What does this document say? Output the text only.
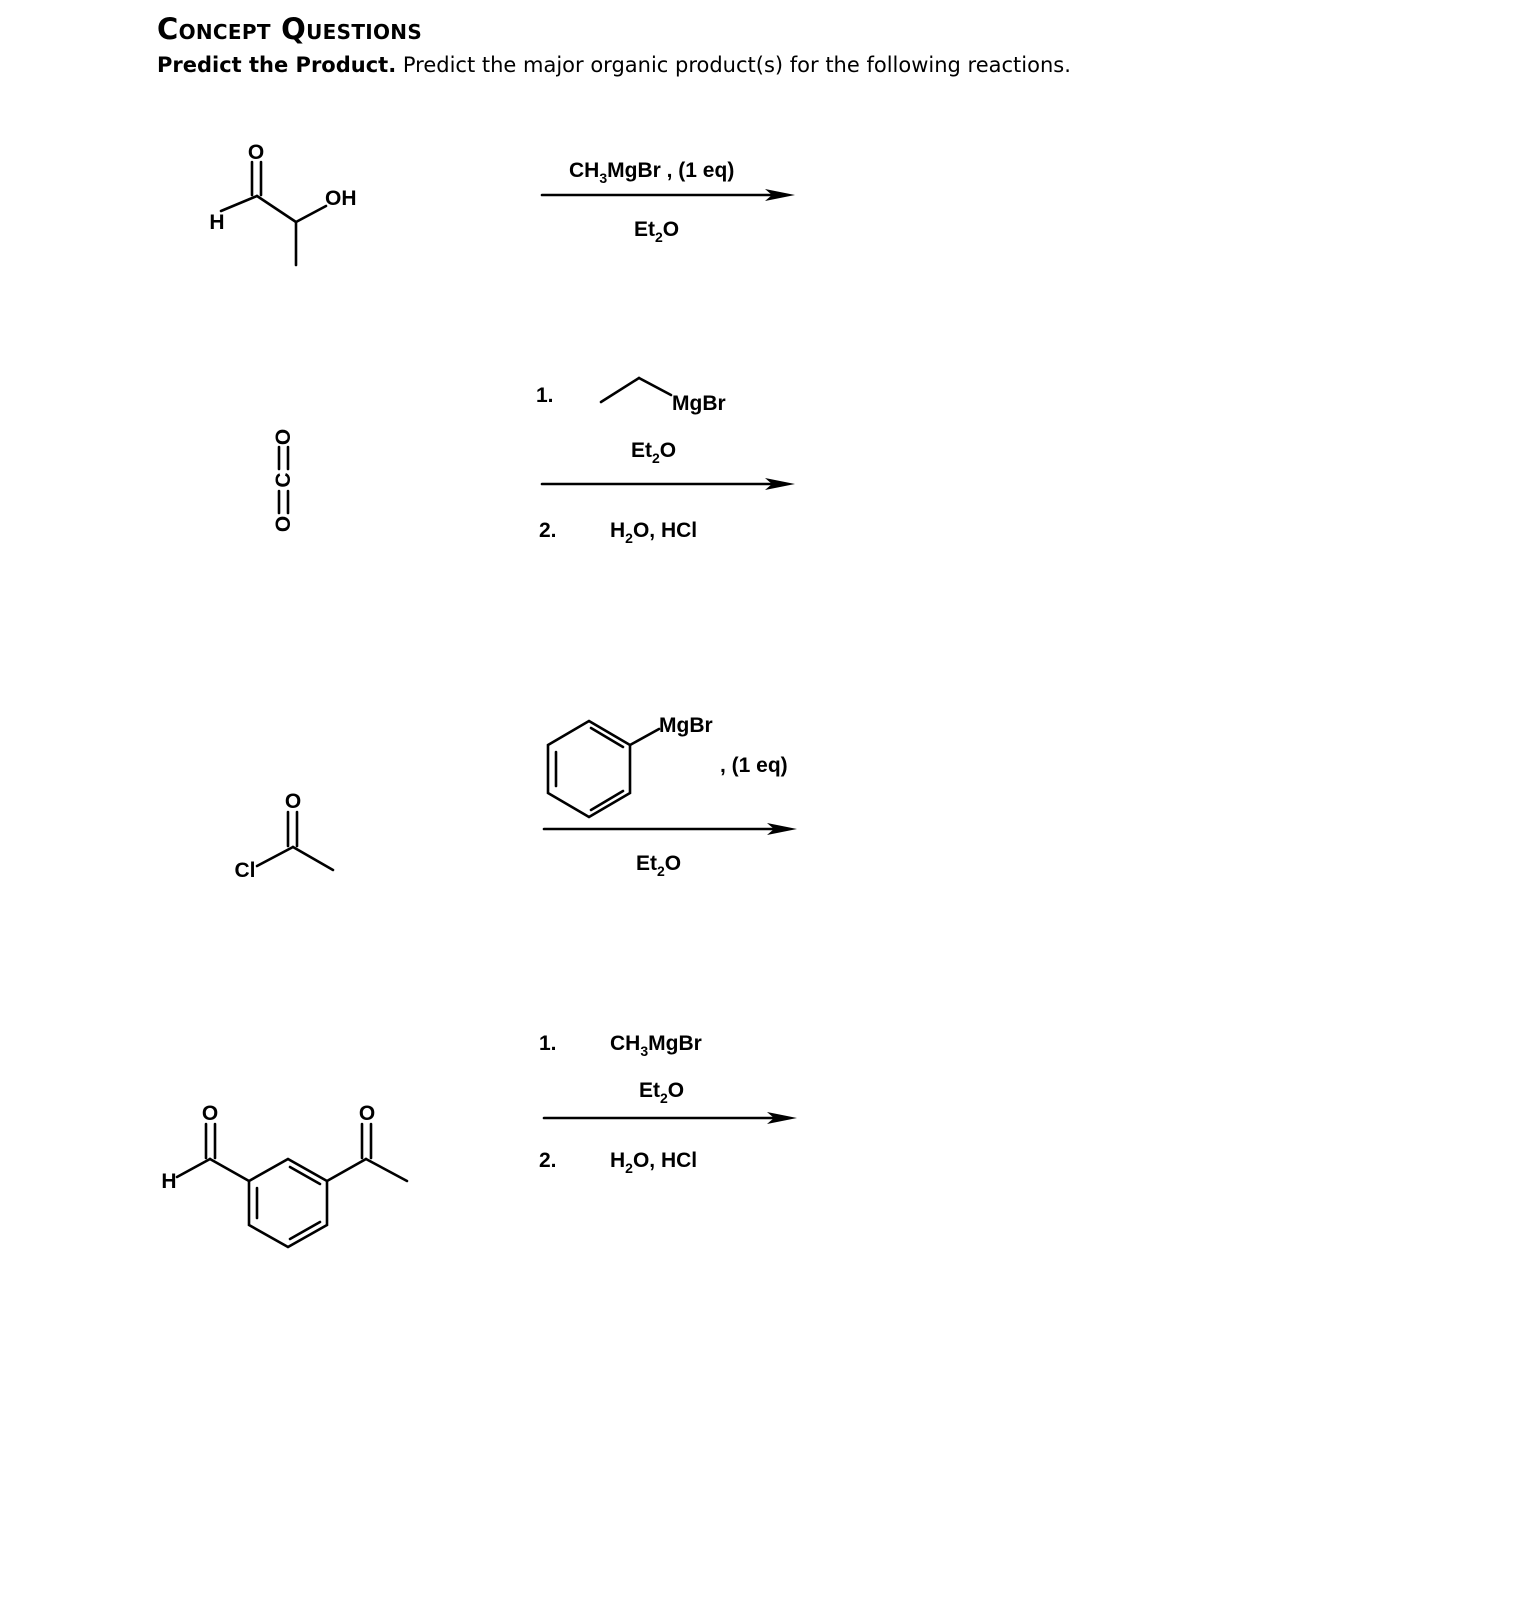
Concept Questions
Predict the Product. Predict the major organic product(s) for the following reactions.
O
H
OH
$CH_3MgBr$ , (1 eq)
$Et_2O$
O
C
O
1.	MgBr
$Et_2O$
2.	$H_2O$, HCl
O
Cl
MgBr
, (1 eq)
$Et_2O$
O	O
H
1.	$CH_3MgBr$
$Et_2O$
2.	$H_2O$, HCl
